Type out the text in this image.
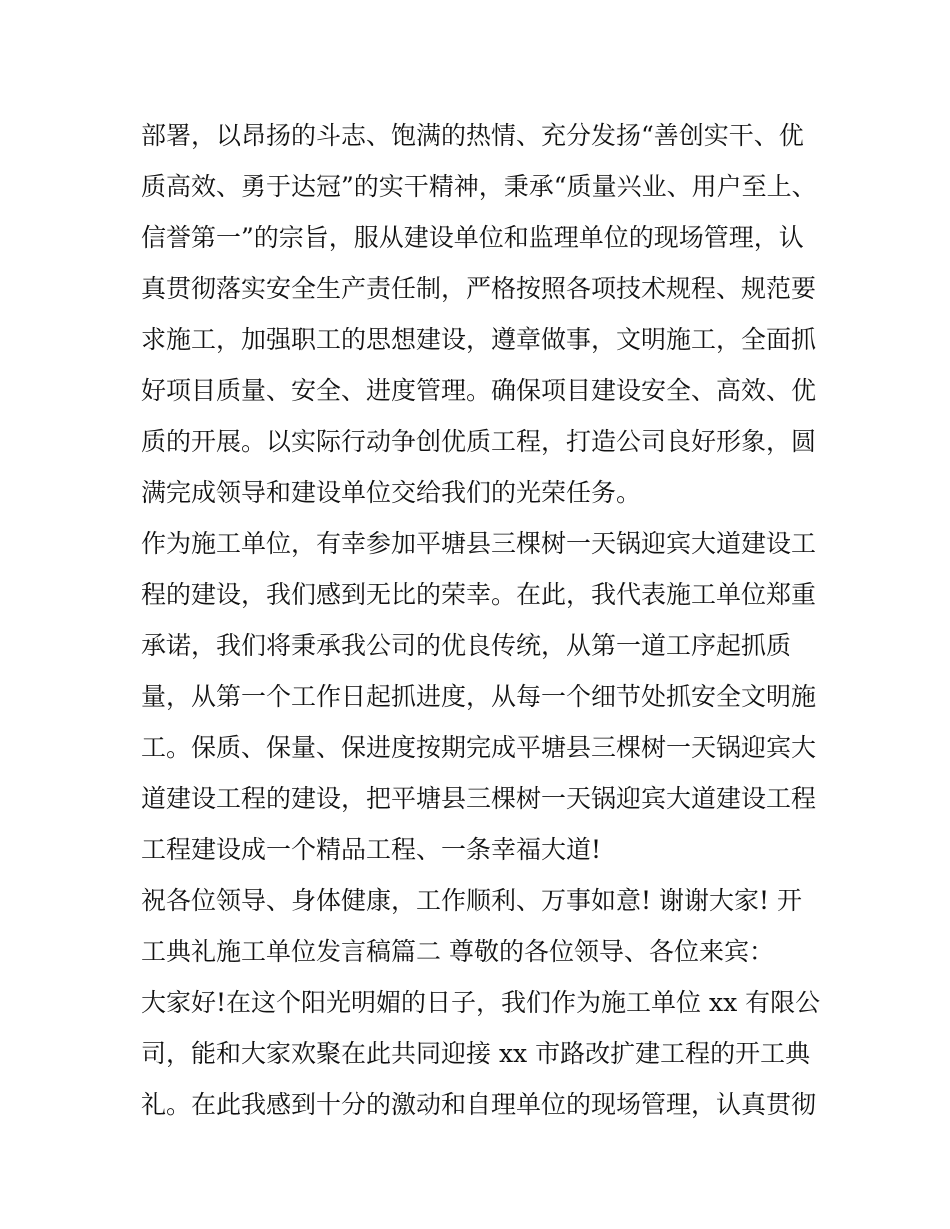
部署，以昂扬的斗志、饱满的热情、充分发扬“善创实干、优
质高效、勇于达冠”的实干精神，秉承“质量兴业、用户至上、
信誉第一”的宗旨，服从建设单位和监理单位的现场管理，认
真贯彻落实安全生产责任制，严格按照各项技术规程、规范要
求施工，加强职工的思想建设，遵章做事，文明施工，全面抓
好项目质量、安全、进度管理。确保项目建设安全、高效、优
质的开展。以实际行动争创优质工程，打造公司良好形象，圆
满完成领导和建设单位交给我们的光荣任务。
作为施工单位，有幸参加平塘县三棵树一天锅迎宾大道建设工
程的建设，我们感到无比的荣幸。在此，我代表施工单位郑重
承诺，我们将秉承我公司的优良传统，从第一道工序起抓质
量，从第一个工作日起抓进度，从每一个细节处抓安全文明施
工。保质、保量、保进度按期完成平塘县三棵树一天锅迎宾大
道建设工程的建设，把平塘县三棵树一天锅迎宾大道建设工程
工程建设成一个精品工程、一条幸福大道!
祝各位领导、身体健康，工作顺利、万事如意! 谢谢大家! 开
工典礼施工单位发言稿篇二 尊敬的各位领导、各位来宾：
大家好!在这个阳光明媚的日子，我们作为施工单位 xx 有限公
司，能和大家欢聚在此共同迎接 xx 市路改扩建工程的开工典
礼。在此我感到十分的激动和自理单位的现场管理，认真贯彻
